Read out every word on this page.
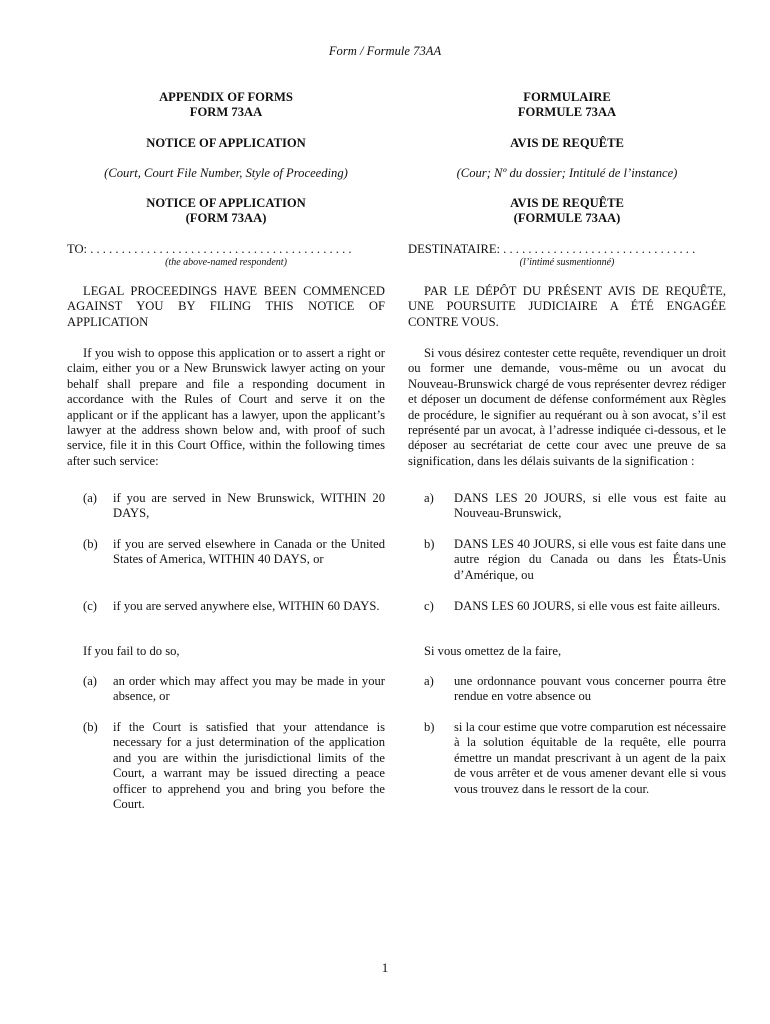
Form / Formule 73AA
APPENDIX OF FORMS
FORM 73AA
NOTICE OF APPLICATION
(Court, Court File Number, Style of Proceeding)
NOTICE OF APPLICATION
(FORM 73AA)
TO: . . . . . . . . . . . . . . . . . . . . . . . . . . . . . . . . . . . . . . . . . .
(the above-named respondent)
LEGAL PROCEEDINGS HAVE BEEN COMMENCED AGAINST YOU BY FILING THIS NOTICE OF APPLICATION
If you wish to oppose this application or to assert a right or claim, either you or a New Brunswick lawyer acting on your behalf shall prepare and file a responding document in accordance with the Rules of Court and serve it on the applicant or if the applicant has a lawyer, upon the applicant’s lawyer at the address shown below and, with proof of such service, file it in this Court Office, within the following times after such service:
(a)	if you are served in New Brunswick, WITHIN 20 DAYS,
(b)	if you are served elsewhere in Canada or the United States of America, WITHIN 40 DAYS, or
(c)	if you are served anywhere else, WITHIN 60 DAYS.
If you fail to do so,
(a)	an order which may affect you may be made in your absence, or
(b)	if the Court is satisfied that your attendance is necessary for a just determination of the application and you are within the jurisdictional limits of the Court, a warrant may be issued directing a peace officer to apprehend you and bring you before the Court.
FORMULAIRE
FORMULE 73AA
AVIS DE REQUÊTE
(Cour; Nº du dossier; Intitulé de l’instance)
AVIS DE REQUÊTE
(FORMULE 73AA)
DESTINATAIRE: . . . . . . . . . . . . . . . . . . . . . . . . . . . . . . .
(l’intimé susmentionné)
PAR LE DÉPÔT DU PRÉSENT AVIS DE REQUÊTE, UNE POURSUITE JUDICIAIRE A ÉTÉ ENGAGÉE CONTRE VOUS.
Si vous désirez contester cette requête, revendiquer un droit ou former une demande, vous-même ou un avocat du Nouveau-Brunswick chargé de vous représenter devrez rédiger et déposer un document de défense conformément aux Règles de procédure, le signifier au requérant ou à son avocat, s’il est représenté par un avocat, à l’adresse indiquée ci-dessous, et le déposer au secrétariat de cette cour avec une preuve de sa signification, dans les délais suivants de la signification :
a)	DANS LES 20 JOURS, si elle vous est faite au Nouveau-Brunswick,
b)	DANS LES 40 JOURS, si elle vous est faite dans une autre région du Canada ou dans les États-Unis d’Amérique, ou
c)	DANS LES 60 JOURS, si elle vous est faite ailleurs.
Si vous omettez de la faire,
a)	une ordonnance pouvant vous concerner pourra être rendue en votre absence ou
b)	si la cour estime que votre comparution est nécessaire à la solution équitable de la requête, elle pourra émettre un mandat prescrivant à un agent de la paix de vous arrêter et de vous amener devant elle si vous vous trouvez dans le ressort de la cour.
1
